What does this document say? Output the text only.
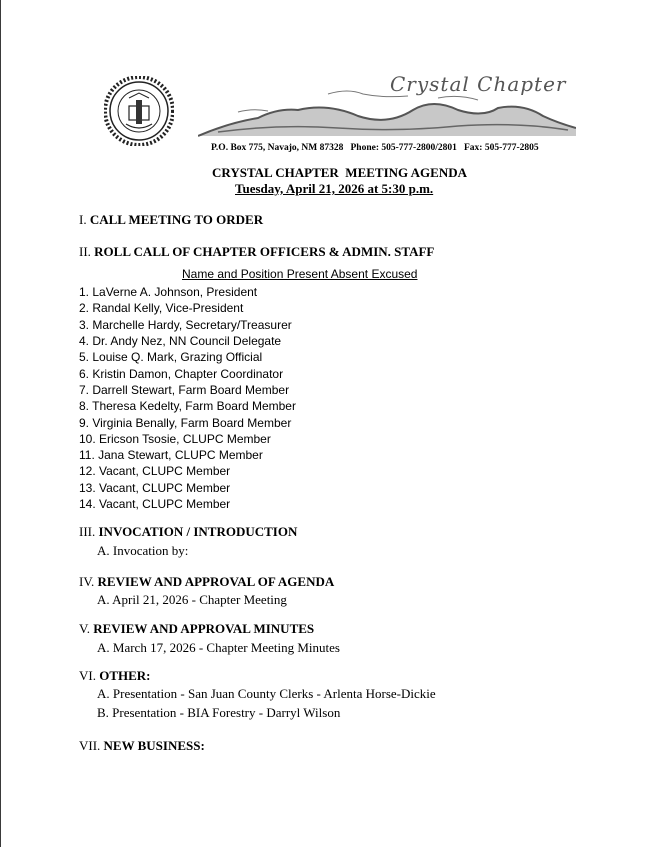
Crystal Chapter
P.O. Box 775, Navajo, NM 87328   Phone: 505-777-2800/2801   Fax: 505-777-2805
CRYSTAL CHAPTER  MEETING AGENDA
Tuesday, April 21, 2026 at 5:30 p.m.
I. CALL MEETING TO ORDER
II. ROLL CALL OF CHAPTER OFFICERS & ADMIN. STAFF
Name and Position Present Absent Excused
1. LaVerne A. Johnson, President
2. Randal Kelly, Vice-President
3. Marchelle Hardy, Secretary/Treasurer
4. Dr. Andy Nez, NN Council Delegate
5. Louise Q. Mark, Grazing Official
6. Kristin Damon, Chapter Coordinator
7. Darrell Stewart, Farm Board Member
8. Theresa Kedelty, Farm Board Member
9. Virginia Benally, Farm Board Member
10. Ericson Tsosie, CLUPC Member
11. Jana Stewart, CLUPC Member
12. Vacant, CLUPC Member
13. Vacant, CLUPC Member
14. Vacant, CLUPC Member
III. INVOCATION / INTRODUCTION
A. Invocation by:
IV. REVIEW AND APPROVAL OF AGENDA
A. April 21, 2026 - Chapter Meeting
V. REVIEW AND APPROVAL MINUTES
A. March 17, 2026 - Chapter Meeting Minutes
VI. OTHER:
A. Presentation - San Juan County Clerks - Arlenta Horse-Dickie
B. Presentation - BIA Forestry - Darryl Wilson
VII. NEW BUSINESS:
